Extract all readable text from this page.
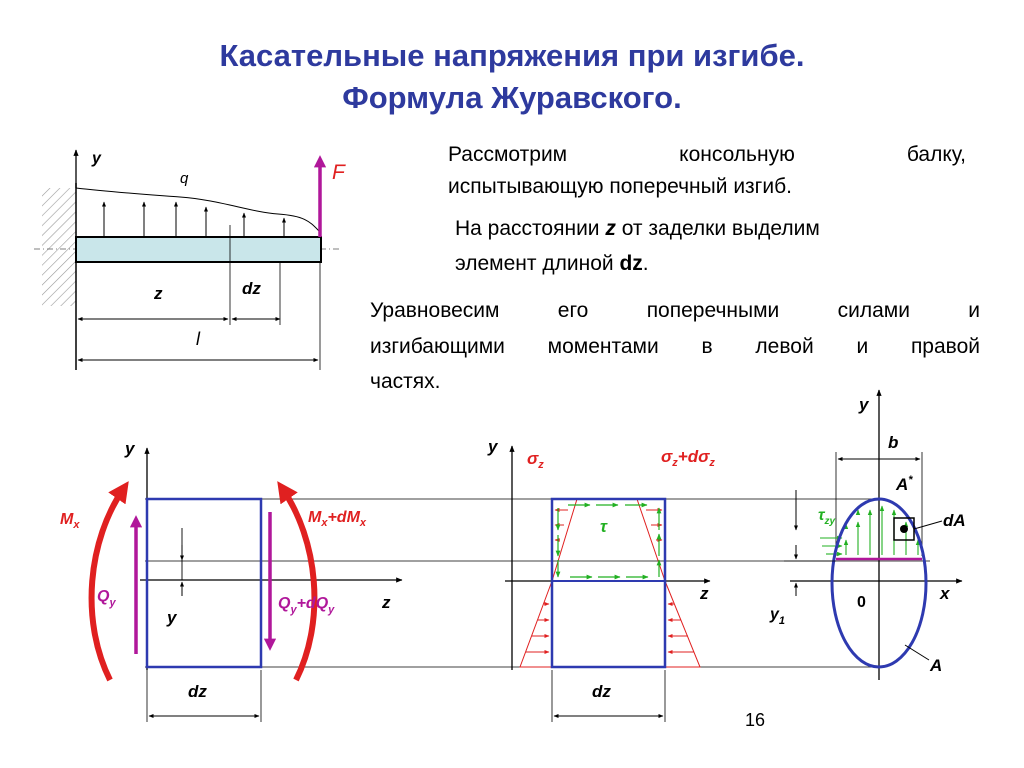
Касательные напряжения при изгибе.
Формула Журавского.
Рассмотрим консольную балку,
испытывающую поперечный изгиб.
На расстоянии z от заделки выделим
элемент длиной dz.
Уравновесим его поперечными силами и
изгибающими моментами в левой и правой
частях.
y
q	F
z	dz
l
y
z
y
$M_x$	$M_x+dM_x$
$Q_y$	$Q_y+dQ_y$
dz
y
z
τ
$\sigma_z$	$\sigma_z+d\sigma_z$
dz
y
x
b
dA
A*
$\tau_{zy}$
$y_1$
0
A
16
